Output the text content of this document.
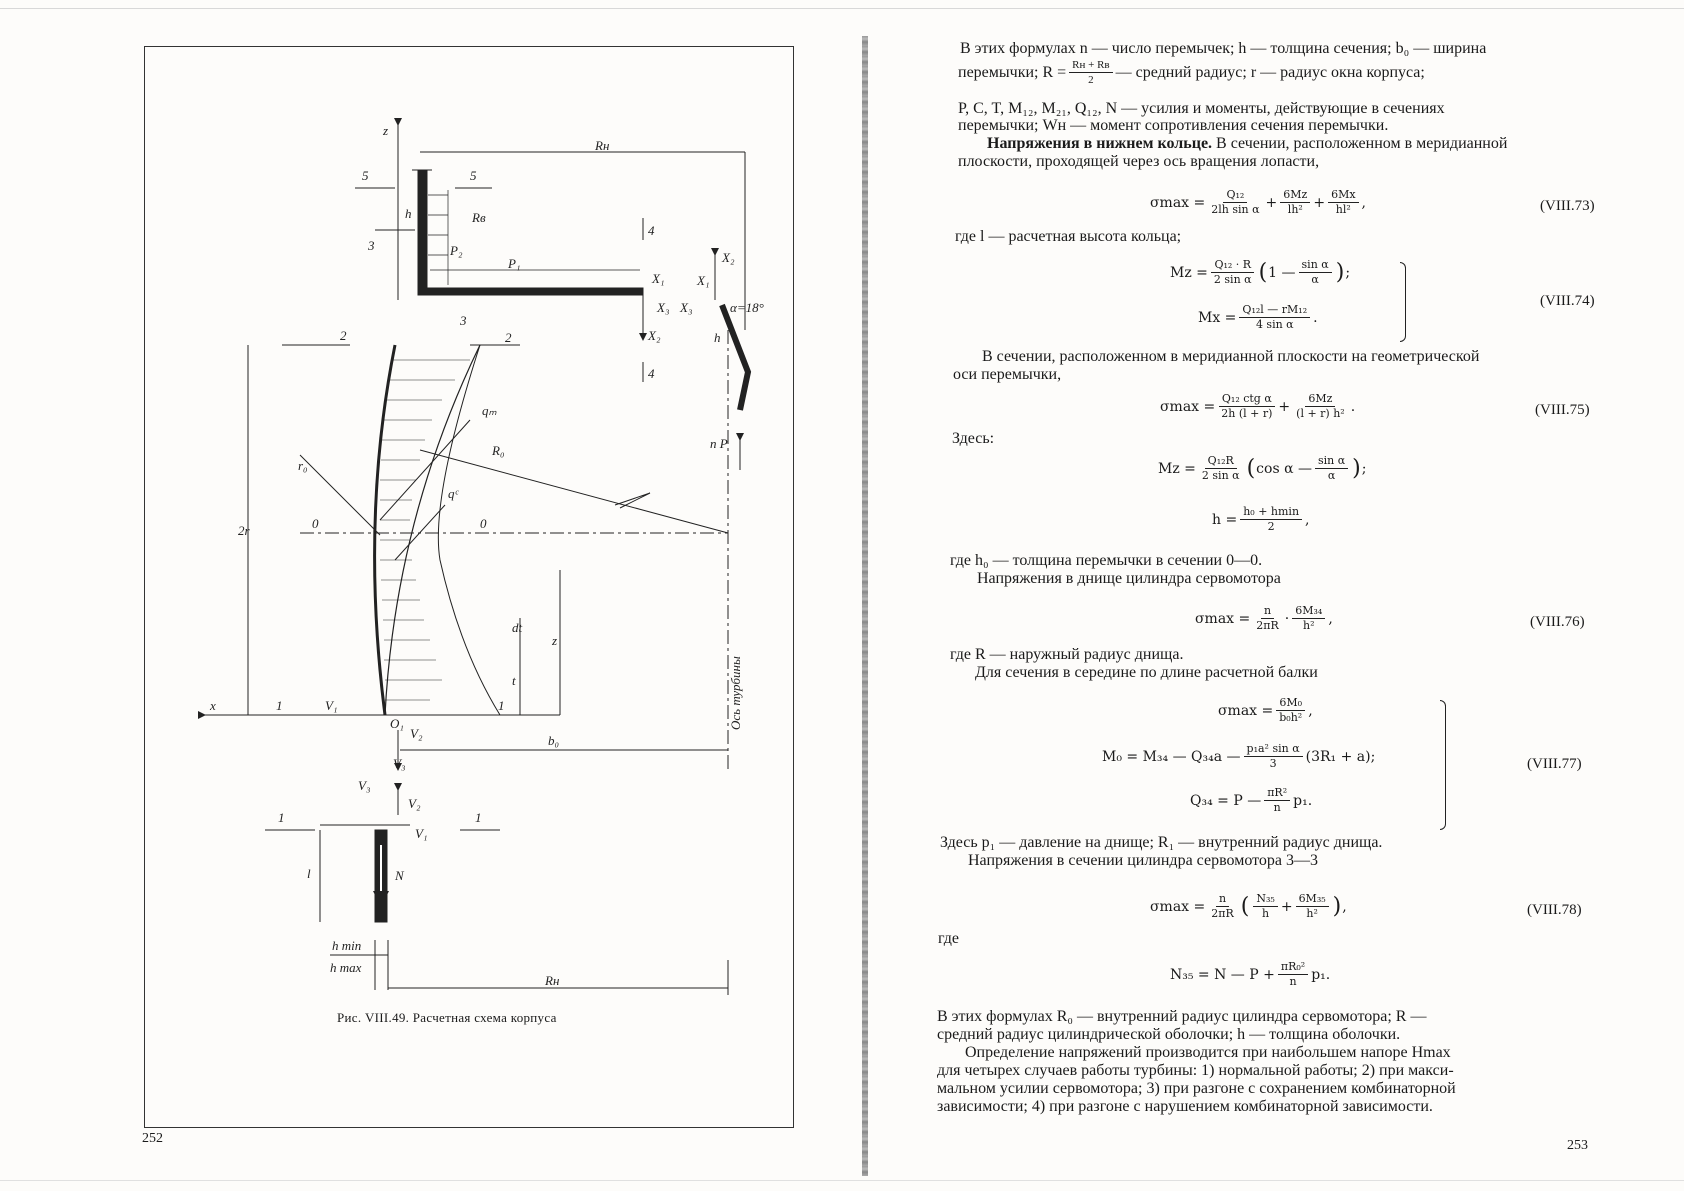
z
Rн
5	5
h	Rв
4
P₂
P₁
3
3
X₂
X₁	X₁
X₃ X₃	α=18°
X₂	h
2	2
4
qₘ
n P
R₀
r₀
qᶜ
2r	0	0
dt
z
t
x	1	V₁	1
O₁
V₂	b₀
V₃
V₃
V₂
1	1
V₁
l	N
h min
h max
Rн
Ось турбины
Рис. VIII.49. Расчетная схема корпуса
252
В этих формулах n — число перемычек; h — толщина сечения; b₀ — ширина
перемычки; $R = \frac{Rн + Rв}{2}$ — средний радиус; r — радиус окна корпуса;
P, C, T, M₁₂, M₂₁, Q₁₂, N — усилия и моменты, действующие в сечениях
перемычки; Wн — момент сопротивления сечения перемычки.
Напряжения в нижнем кольце. В сечении, расположенном в меридианной
плоскости, проходящей через ось вращения лопасти,
$\sigma\max = \frac{\text{Q₁₂}}{\text{2lh sin α}} + \frac{6Mz}{\text{lh²}} + \frac{6Mx}{\text{hl²}}$ ,	(VIII.73)
где l — расчетная высота кольца;
$Mz = \frac{\text{Q₁₂ · R}}{\text{2 sin α}}$ ( 1 — $\frac{\text{sin α}}{\alpha}$ ) ;
$Mx = \frac{\text{Q₁₂l — rM₁₂}}{\text{4 sin α}}$ .
(VIII.74)
В сечении, расположенном в меридианной плоскости на геометрической
оси перемычки,
$\sigma\max = \frac{\text{Q₁₂ ctg α}}{2h (l + r)} + \frac{6Mz}{\text{(l + r) h²}}$ .	(VIII.75)
Здесь:
$Mz = \frac{\text{Q₁₂R}}{\text{2 sin α}}$ ( cos α — $\frac{\text{sin α}}{\alpha}$ ) ;
$h = \frac{\text{h₀ + hmin}}{2}$ ,
где h₀ — толщина перемычки в сечении 0—0.
Напряжения в днище цилиндра сервомотора
$\sigma\max = \frac{n}{2\pi R} \cdot \frac{\text{6M₃₄}}{\text{h²}}$ ,	(VIII.76)
где R — наружный радиус днища.
Для сечения в середине по длине расчетной балки
$\sigma\max = \frac{\text{6M₀}}{\text{b₀h²}}$ ,
M₀ = M₃₄ — Q₃₄a — $\frac{\text{p₁a² sin α}}{3} (3R_1 + a)$;
Q₃₄ = P — $\frac{\text{πR²}}{n} p_1$.
(VIII.77)
Здесь p₁ — давление на днище; R₁ — внутренний радиус днища.
Напряжения в сечении цилиндра сервомотора 3—3
$\sigma\max = \frac{n}{2\pi R}$ ( $\frac{\text{N₃₅}}{h} + \frac{\text{6M₃₅}}{\text{h²}}$ ) ,	(VIII.78)
где
N₃₅ = N — $P + \frac{\text{πR₀²}}{n} p_1$.
В этих формулах R₀ — внутренний радиус цилиндра сервомотора; R —
средний радиус цилиндрической оболочки; h — толщина оболочки.
Определение напряжений производится при наибольшем напоре Hmax
для четырех случаев работы турбины: 1) нормальной работы; 2) при макси-
мальном усилии сервомотора; 3) при разгоне с сохранением комбинаторной
зависимости; 4) при разгоне с нарушением комбинаторной зависимости.
253
